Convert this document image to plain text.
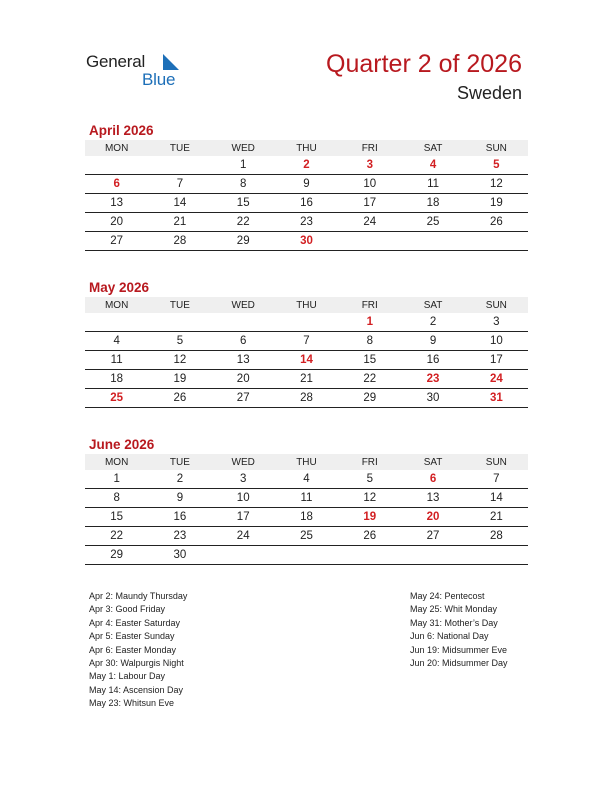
General
Blue
Quarter 2 of 2026
Sweden
April 2026
MON	TUE	WED	THU	FRI	SAT	SUN
		1	2	3	4	5
6	7	8	9	10	11	12
13	14	15	16	17	18	19
20	21	22	23	24	25	26
27	28	29	30			
May 2026
MON	TUE	WED	THU	FRI	SAT	SUN
				1	2	3
4	5	6	7	8	9	10
11	12	13	14	15	16	17
18	19	20	21	22	23	24
25	26	27	28	29	30	31
June 2026
MON	TUE	WED	THU	FRI	SAT	SUN
1	2	3	4	5	6	7
8	9	10	11	12	13	14
15	16	17	18	19	20	21
22	23	24	25	26	27	28
29	30					
Apr 2: Maundy Thursday
Apr 3: Good Friday
Apr 4: Easter Saturday
Apr 5: Easter Sunday
Apr 6: Easter Monday
Apr 30: Walpurgis Night
May 1: Labour Day
May 14: Ascension Day
May 23: Whitsun Eve
May 24: Pentecost
May 25: Whit Monday
May 31: Mother’s Day
Jun 6: National Day
Jun 19: Midsummer Eve
Jun 20: Midsummer Day
